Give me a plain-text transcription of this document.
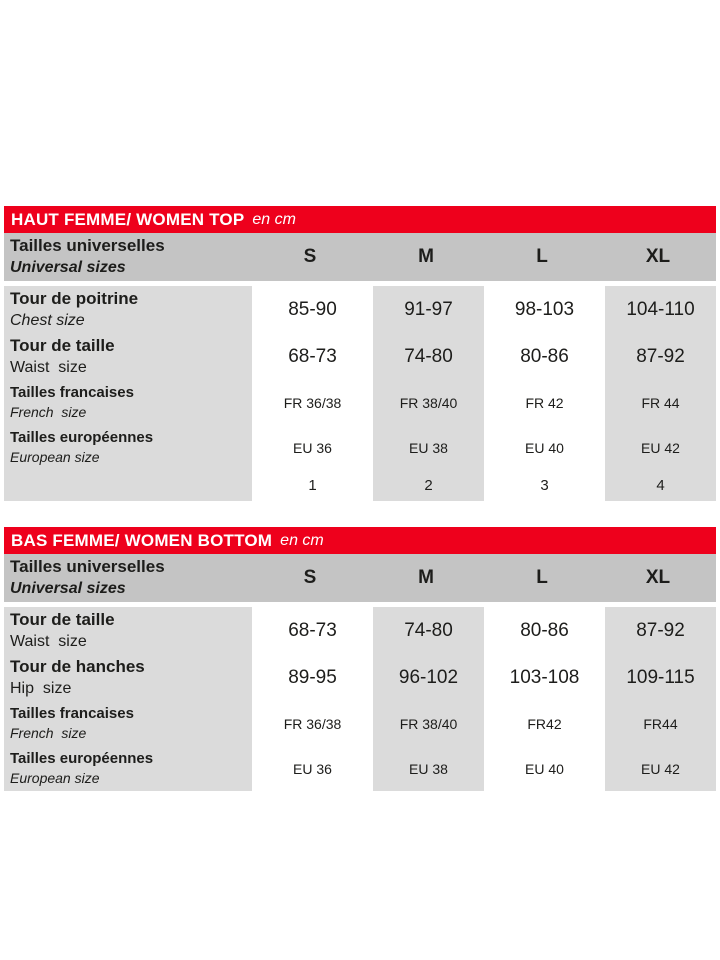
HAUT FEMME/ WOMEN TOP en cm
Tailles universelles
Universal sizes
S	M	L	XL
Tour de poitrine
Chest size
85-90	91-97	98-103	104-110
Tour de taille
Waist  size
68-73	74-80	80-86	87-92
Tailles francaises
French  size
FR 36/38	FR 38/40	FR 42	FR 44
Tailles européennes
European size
EU 36	EU 38	EU 40	EU 42
1	2	3	4
BAS FEMME/ WOMEN BOTTOM en cm
Tailles universelles
Universal sizes
S	M	L	XL
Tour de taille
Waist  size
68-73	74-80	80-86	87-92
Tour de hanches
Hip  size
89-95	96-102	103-108	109-115
Tailles francaises
French  size
FR 36/38	FR 38/40	FR42	FR44
Tailles européennes
European size
EU 36	EU 38	EU 40	EU 42
